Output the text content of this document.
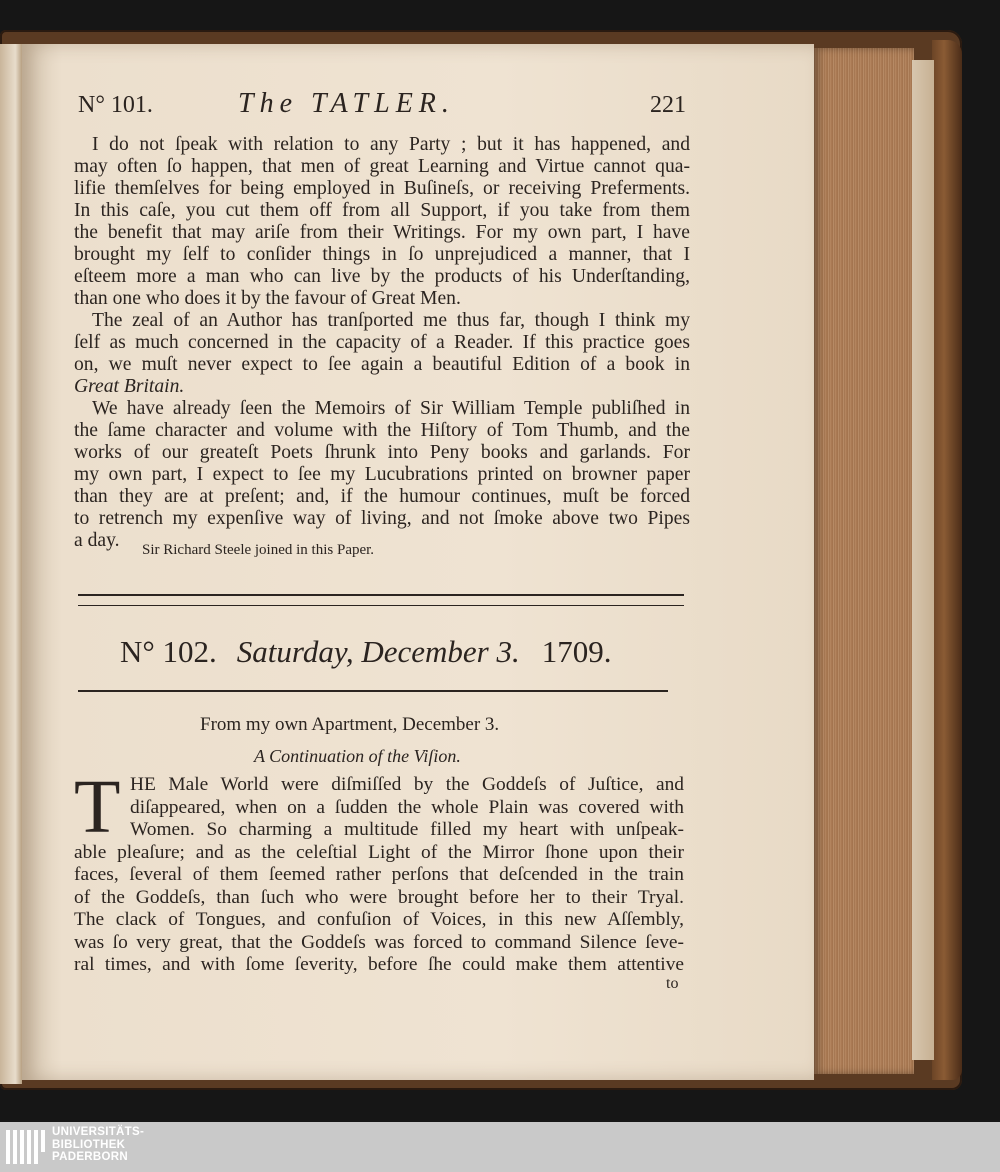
N° 101.	The TATLER.	221
I do not ſpeak with relation to any Party ; but it has happened, and
may often ſo happen, that men of great Learning and Virtue cannot qua-
lifie themſelves for being employed in Buſineſs, or receiving Preferments.
In this caſe, you cut them off from all Support, if you take from them
the benefit that may ariſe from their Writings. For my own part, I have
brought my ſelf to conſider things in ſo unprejudiced a manner, that I
eſteem more a man who can live by the products of his Underſtanding,
than one who does it by the favour of Great Men.
The zeal of an Author has tranſported me thus far, though I think my
ſelf as much concerned in the capacity of a Reader. If this practice goes
on, we muſt never expect to ſee again a beautiful Edition of a book in
Great Britain.
We have already ſeen the Memoirs of Sir William Temple publiſhed in
the ſame character and volume with the Hiſtory of Tom Thumb, and the
works of our greateſt Poets ſhrunk into Peny books and garlands. For
my own part, I expect to ſee my Lucubrations printed on browner paper
than they are at preſent; and, if the humour continues, muſt be forced
to retrench my expenſive way of living, and not ſmoke above two Pipes
a day.	Sir Richard Steele joined in this Paper.
N° 102. Saturday, December 3. 1709.
From my own Apartment, December 3.
A Continuation of the Viſion.
T HE Male World were diſmiſſed by the Goddeſs of Juſtice, and
diſappeared, when on a ſudden the whole Plain was covered with
Women. So charming a multitude filled my heart with unſpeak-
able pleaſure; and as the celeſtial Light of the Mirror ſhone upon their
faces, ſeveral of them ſeemed rather perſons that deſcended in the train
of the Goddeſs, than ſuch who were brought before her to their Tryal.
The clack of Tongues, and confuſion of Voices, in this new Aſſembly,
was ſo very great, that the Goddeſs was forced to command Silence ſeve-
ral times, and with ſome ſeverity, before ſhe could make them attentive
to
UNIVERSITÄTS-
BIBLIOTHEK
PADERBORN
